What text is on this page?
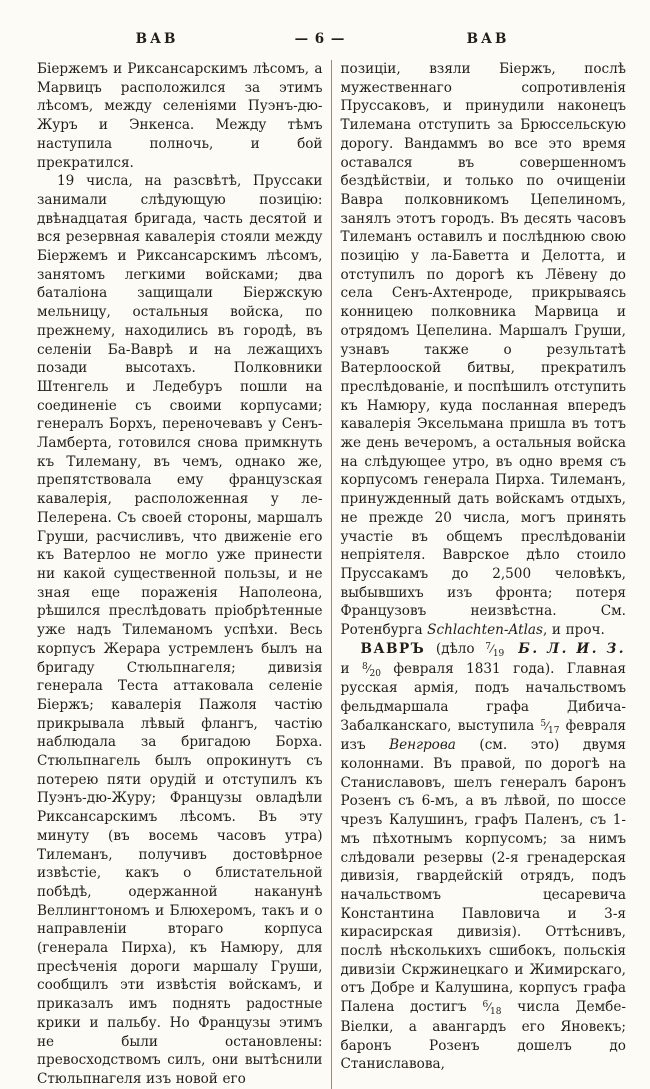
ВАВ	— 6 —	ВАВ

Біержемъ и Риксансарскимъ лѣсомъ, а Марвицъ расположился за этимъ лѣсомъ, между селеніями Пуэнъ-дю-Журъ и Энкенса. Между тѣмъ наступила полночь, и бой прекратился.

19 числа, на разсвѣтѣ, Пруссаки занимали слѣдующую позицію: двѣнадцатая бригада, часть десятой и вся резервная кавалерія стояли между Біержемъ и Риксансарскимъ лѣсомъ, занятомъ легкими войсками; два баталіона защищали Біержскую мельницу, остальныя войска, по прежнему, находились въ городѣ, въ селеніи Ба-Ваврѣ и на лежащихъ позади высотахъ. Полковники Штенгель и Ледебуръ пошли на соединеніе съ своими корпусами; генералъ Борхъ, переночевавъ у Сенъ-Ламберта, готовился снова примкнуть къ Тилеману, въ чемъ, однако же, препятствовала ему французская кавалерія, расположенная у ле-Пелерена. Съ своей стороны, маршалъ Груши, расчисливъ, что движеніе его къ Ватерлоо не могло уже принести ни какой существенной пользы, и не зная еще пораженія Наполеона, рѣшился преслѣдовать пріобрѣтенные уже надъ Тилеманомъ успѣхи. Весь корпусъ Жерара устремленъ былъ на бригаду Стюльпнагеля; дивизія генерала Теста аттаковала селеніе Біержъ; кавалерія Пажоля частію прикрывала лѣвый флангъ, частію наблюдала за бригадою Борха. Стюльпнагель былъ опрокинутъ съ потерею пяти орудій и отступилъ къ Пуэнъ-дю-Журу; Французы овладѣли Риксансарскимъ лѣсомъ. Въ эту минуту (въ восемь часовъ утра) Тилеманъ, получивъ достовѣрное извѣстіе, какъ о блистательной побѣдѣ, одержанной наканунѣ Веллингтономъ и Блюхеромъ, такъ и о направленіи втораго корпуса (генерала Пирха), къ Намюру, для пресѣченія дороги маршалу Груши, сообщилъ эти извѣстія войскамъ, и приказалъ имъ поднять радостные крики и пальбу. Но Французы этимъ не были остановлены: превосходствомъ силъ, они вытѣснили Стюльпнагеля изъ новой его

позиціи, взяли Біержъ, послѣ мужественнаго сопротивленія Пруссаковъ, и принудили наконецъ Тилемана отступить за Брюссельскую дорогу. Вандаммъ во все это время оставался въ совершенномъ бездѣйствіи, и только по очищеніи Вавра полковникомъ Цепелиномъ, занялъ этотъ городъ. Въ десять часовъ Тилеманъ оставилъ и послѣднюю свою позицію у ла-Баветта и Делотта, и отступилъ по дорогѣ къ Лёвену до села Сенъ-Ахтенроде, прикрываясь конницею полковника Марвица и отрядомъ Цепелина. Маршалъ Груши, узнавъ также о результатѣ Ватерлооской битвы, прекратилъ преслѣдованіе, и поспѣшилъ отступить къ Намюру, куда посланная впередъ кавалерія Эксельмана пришла въ тотъ же день вечеромъ, а остальныя войска на слѣдующее утро, въ одно время съ корпусомъ генерала Пирха. Тилеманъ, принужденный дать войскамъ отдыхъ, не прежде 20 числа, могъ принять участіе въ общемъ преслѣдованіи непріятеля. Ваврское дѣло стоило Пруссакамъ до 2,500 человѣкъ, выбывшихъ изъ фронта; потеря Французовъ неизвѣстна. См. Ротенбурга Schlachten-Atlas, и проч.
Б. Л. И. З.

ВАВРЪ (дѣло $^7⁄_{19}$ и $^8⁄_{20}$ февраля 1831 года). Главная русская армія, подъ начальствомъ фельдмаршала графа Дибича-Забалканскаго, выступила $^5⁄_{17}$ февраля изъ Венгрова (см. это) двумя колоннами. Въ правой, по дорогѣ на Станиславовъ, шелъ генералъ баронъ Розенъ съ 6-мъ, а въ лѣвой, по шоссе чрезъ Калушинъ, графъ Паленъ, съ 1-мъ пѣхотнымъ корпусомъ; за нимъ слѣдовали резервы (2-я гренадерская дивизія, гвардейскій отрядъ, подъ начальствомъ цесаревича Константина Павловича и 3-я кирасирская дивизія). Оттѣснивъ, послѣ нѣсколькихъ сшибокъ, польскія дивизіи Скржинецкаго и Жимирскаго, отъ Добре и Калушина, корпусъ графа Палена достигъ $^6⁄_{18}$ числа Дембе-Віелки, а авангардъ его Яновекъ; баронъ Розенъ дошелъ до Станиславова,
